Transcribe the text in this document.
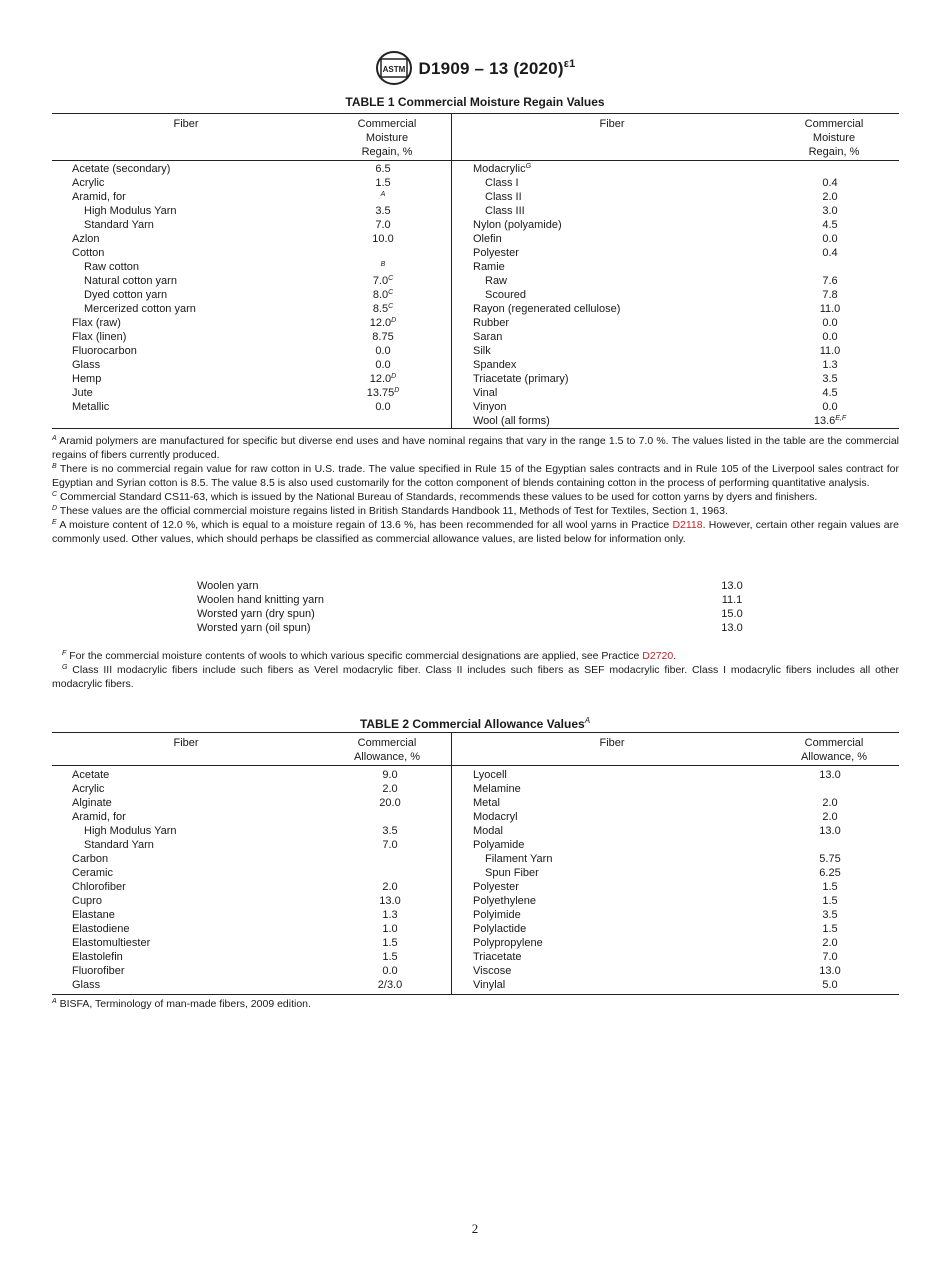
ASTM D1909 – 13 $(2020)^{\varepsilon 1}$
TABLE 1 Commercial Moisture Regain Values
Fiber	Commercial
Moisture
Regain, %
Fiber	Commercial
Moisture
Regain, %
Acetate (secondary)	6.5
Acrylic	1.5
Aramid, for	$^A$
High Modulus Yarn	3.5
Standard Yarn	7.0
Azlon	10.0
Cotton
Raw cotton	$^B$
Natural cotton yarn	7.0$^C$
Dyed cotton yarn	8.0$^C$
Mercerized cotton yarn	8.5$^C$
Flax (raw)	12.0$^D$
Flax (linen)	8.75
Fluorocarbon	0.0
Glass	0.0
Hemp	12.0$^D$
Jute	13.75$^D$
Metallic	0.0
Modacrylic$^G$
Class I	0.4
Class II	2.0
Class III	3.0
Nylon (polyamide)	4.5
Olefin	0.0
Polyester	0.4
Ramie
Raw	7.6
Scoured	7.8
Rayon (regenerated cellulose)	11.0
Rubber	0.0
Saran	0.0
Silk	11.0
Spandex	1.3
Triacetate (primary)	3.5
Vinal	4.5
Vinyon	0.0
Wool (all forms)	13.6$^{E,F}$

$^A$ Aramid polymers are manufactured for specific but diverse end uses and have nominal regains that vary in the range 1.5 to 7.0 %. The values listed in the table are the commercial regains of fibers currently produced.

$^B$ There is no commercial regain value for raw cotton in U.S. trade. The value specified in Rule 15 of the Egyptian sales contracts and in Rule 105 of the Liverpool sales contract for Egyptian and Syrian cotton is 8.5. The value 8.5 is also used customarily for the cotton component of blends containing cotton in the process of performing quantitative analysis.

$^C$ Commercial Standard CS11-63, which is issued by the National Bureau of Standards, recommends these values to be used for cotton yarns by dyers and finishers.

$^D$ These values are the official commercial moisture regains listed in British Standards Handbook 11, Methods of Test for Textiles, Section 1, 1963.

$^E$ A moisture content of 12.0 %, which is equal to a moisture regain of 13.6 %, has been recommended for all wool yarns in Practice D2118. However, certain other regain values are commonly used. Other values, which should perhaps be classified as commercial allowance values, are listed below for information only.

Woolen yarn	13.0
Woolen hand knitting yarn	11.1
Worsted yarn (dry spun)	15.0
Worsted yarn (oil spun)	13.0

$^F$ For the commercial moisture contents of wools to which various specific commercial designations are applied, see Practice D2720.

$^G$ Class III modacrylic fibers include such fibers as Verel modacrylic fiber. Class II includes such fibers as SEF modacrylic fiber. Class I modacrylic fibers includes all other modacrylic fibers.

TABLE 2 Commercial Allowance Values$^A$
Fiber	Commercial
Allowance, %
Fiber	Commercial
Allowance, %
Acetate	9.0
Acrylic	2.0
Alginate	20.0
Aramid, for
High Modulus Yarn	3.5
Standard Yarn	7.0
Carbon
Ceramic
Chlorofiber	2.0
Cupro	13.0
Elastane	1.3
Elastodiene	1.0
Elastomultiester	1.5
Elastolefin	1.5
Fluorofiber	0.0
Glass	2/3.0
Lyocell	13.0
Melamine
Metal	2.0
Modacryl	2.0
Modal	13.0
Polyamide
Filament Yarn	5.75
Spun Fiber	6.25
Polyester	1.5
Polyethylene	1.5
Polyimide	3.5
Polylactide	1.5
Polypropylene	2.0
Triacetate	7.0
Viscose	13.0
Vinylal	5.0

$^A$ BISFA, Terminology of man-made fibers, 2009 edition.

2
